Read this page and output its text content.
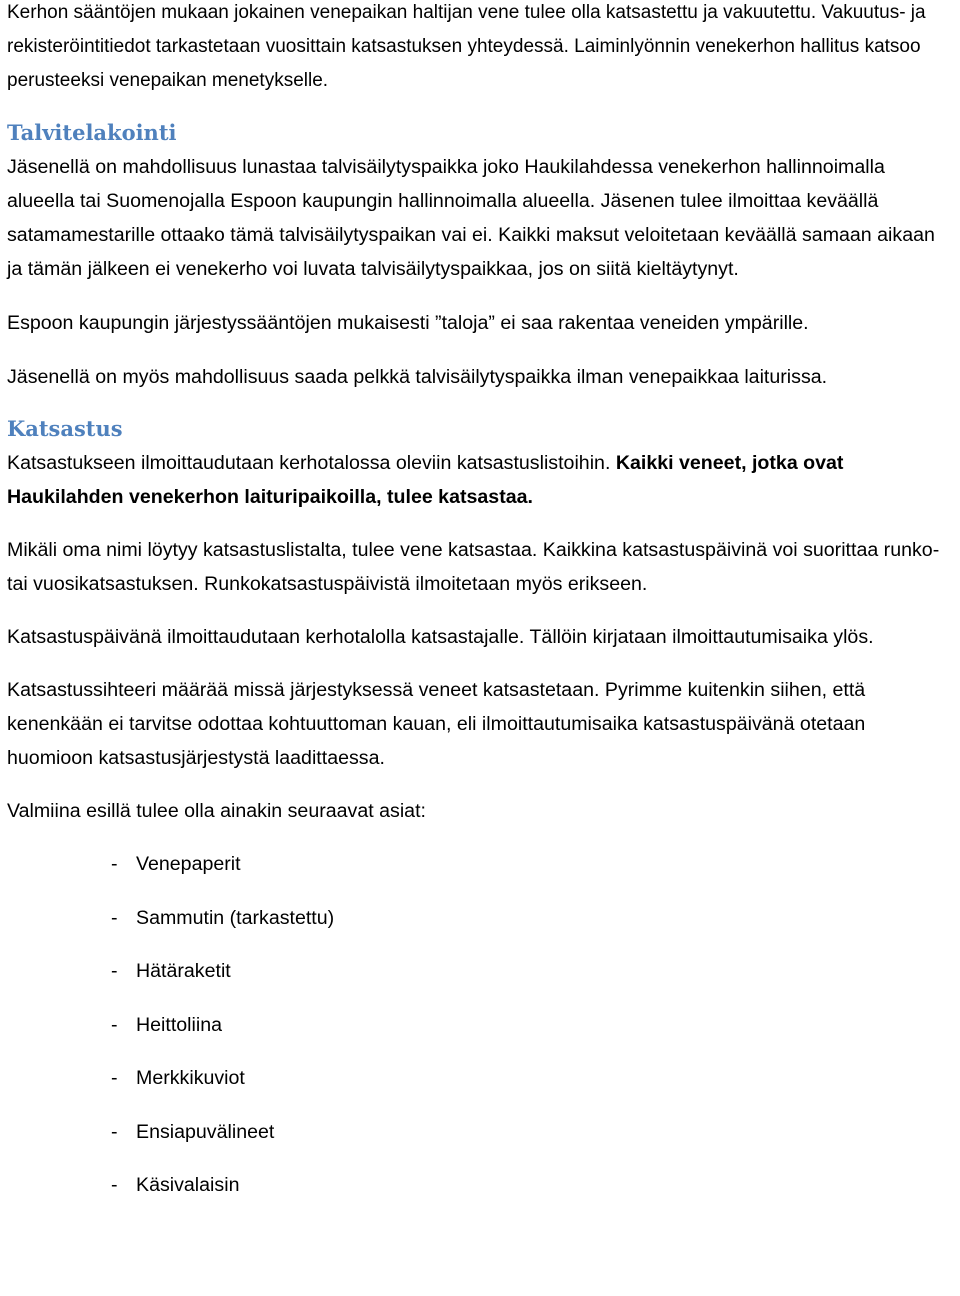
Kerhon sääntöjen mukaan jokainen venepaikan haltijan vene tulee olla katsastettu ja vakuutettu. Vakuutus- ja rekisteröintitiedot tarkastetaan vuosittain katsastuksen yhteydessä. Laiminlyönnin venekerhon hallitus katsoo perusteeksi venepaikan menetykselle.

Talvitelakointi

Jäsenellä on mahdollisuus lunastaa talvisäilytyspaikka joko Haukilahdessa venekerhon hallinnoimalla alueella tai Suomenojalla Espoon kaupungin hallinnoimalla alueella. Jäsenen tulee ilmoittaa keväällä satamamestarille ottaako tämä talvisäilytyspaikan vai ei. Kaikki maksut veloitetaan keväällä samaan aikaan ja tämän jälkeen ei venekerho voi luvata talvisäilytyspaikkaa, jos on siitä kieltäytynyt.

Espoon kaupungin järjestyssääntöjen mukaisesti ”taloja” ei saa rakentaa veneiden ympärille.

Jäsenellä on myös mahdollisuus saada pelkkä talvisäilytyspaikka ilman venepaikkaa laiturissa.

Katsastus

Katsastukseen ilmoittaudutaan kerhotalossa oleviin katsastuslistoihin. Kaikki veneet, jotka ovat Haukilahden venekerhon laituripaikoilla, tulee katsastaa.

Mikäli oma nimi löytyy katsastuslistalta, tulee vene katsastaa. Kaikkina katsastuspäivinä voi suorittaa runko- tai vuosikatsastuksen. Runkokatsastuspäivistä ilmoitetaan myös erikseen.

Katsastuspäivänä ilmoittaudutaan kerhotalolla katsastajalle. Tällöin kirjataan ilmoittautumisaika ylös.

Katsastussihteeri määrää missä järjestyksessä veneet katsastetaan. Pyrimme kuitenkin siihen, että kenenkään ei tarvitse odottaa kohtuuttoman kauan, eli ilmoittautumisaika katsastuspäivänä otetaan huomioon katsastusjärjestystä laadittaessa.

Valmiina esillä tulee olla ainakin seuraavat asiat:

- Venepaperit
- Sammutin (tarkastettu)
- Hätäraketit
- Heittoliina
- Merkkikuviot
- Ensiapuvälineet
- Käsivalaisin
